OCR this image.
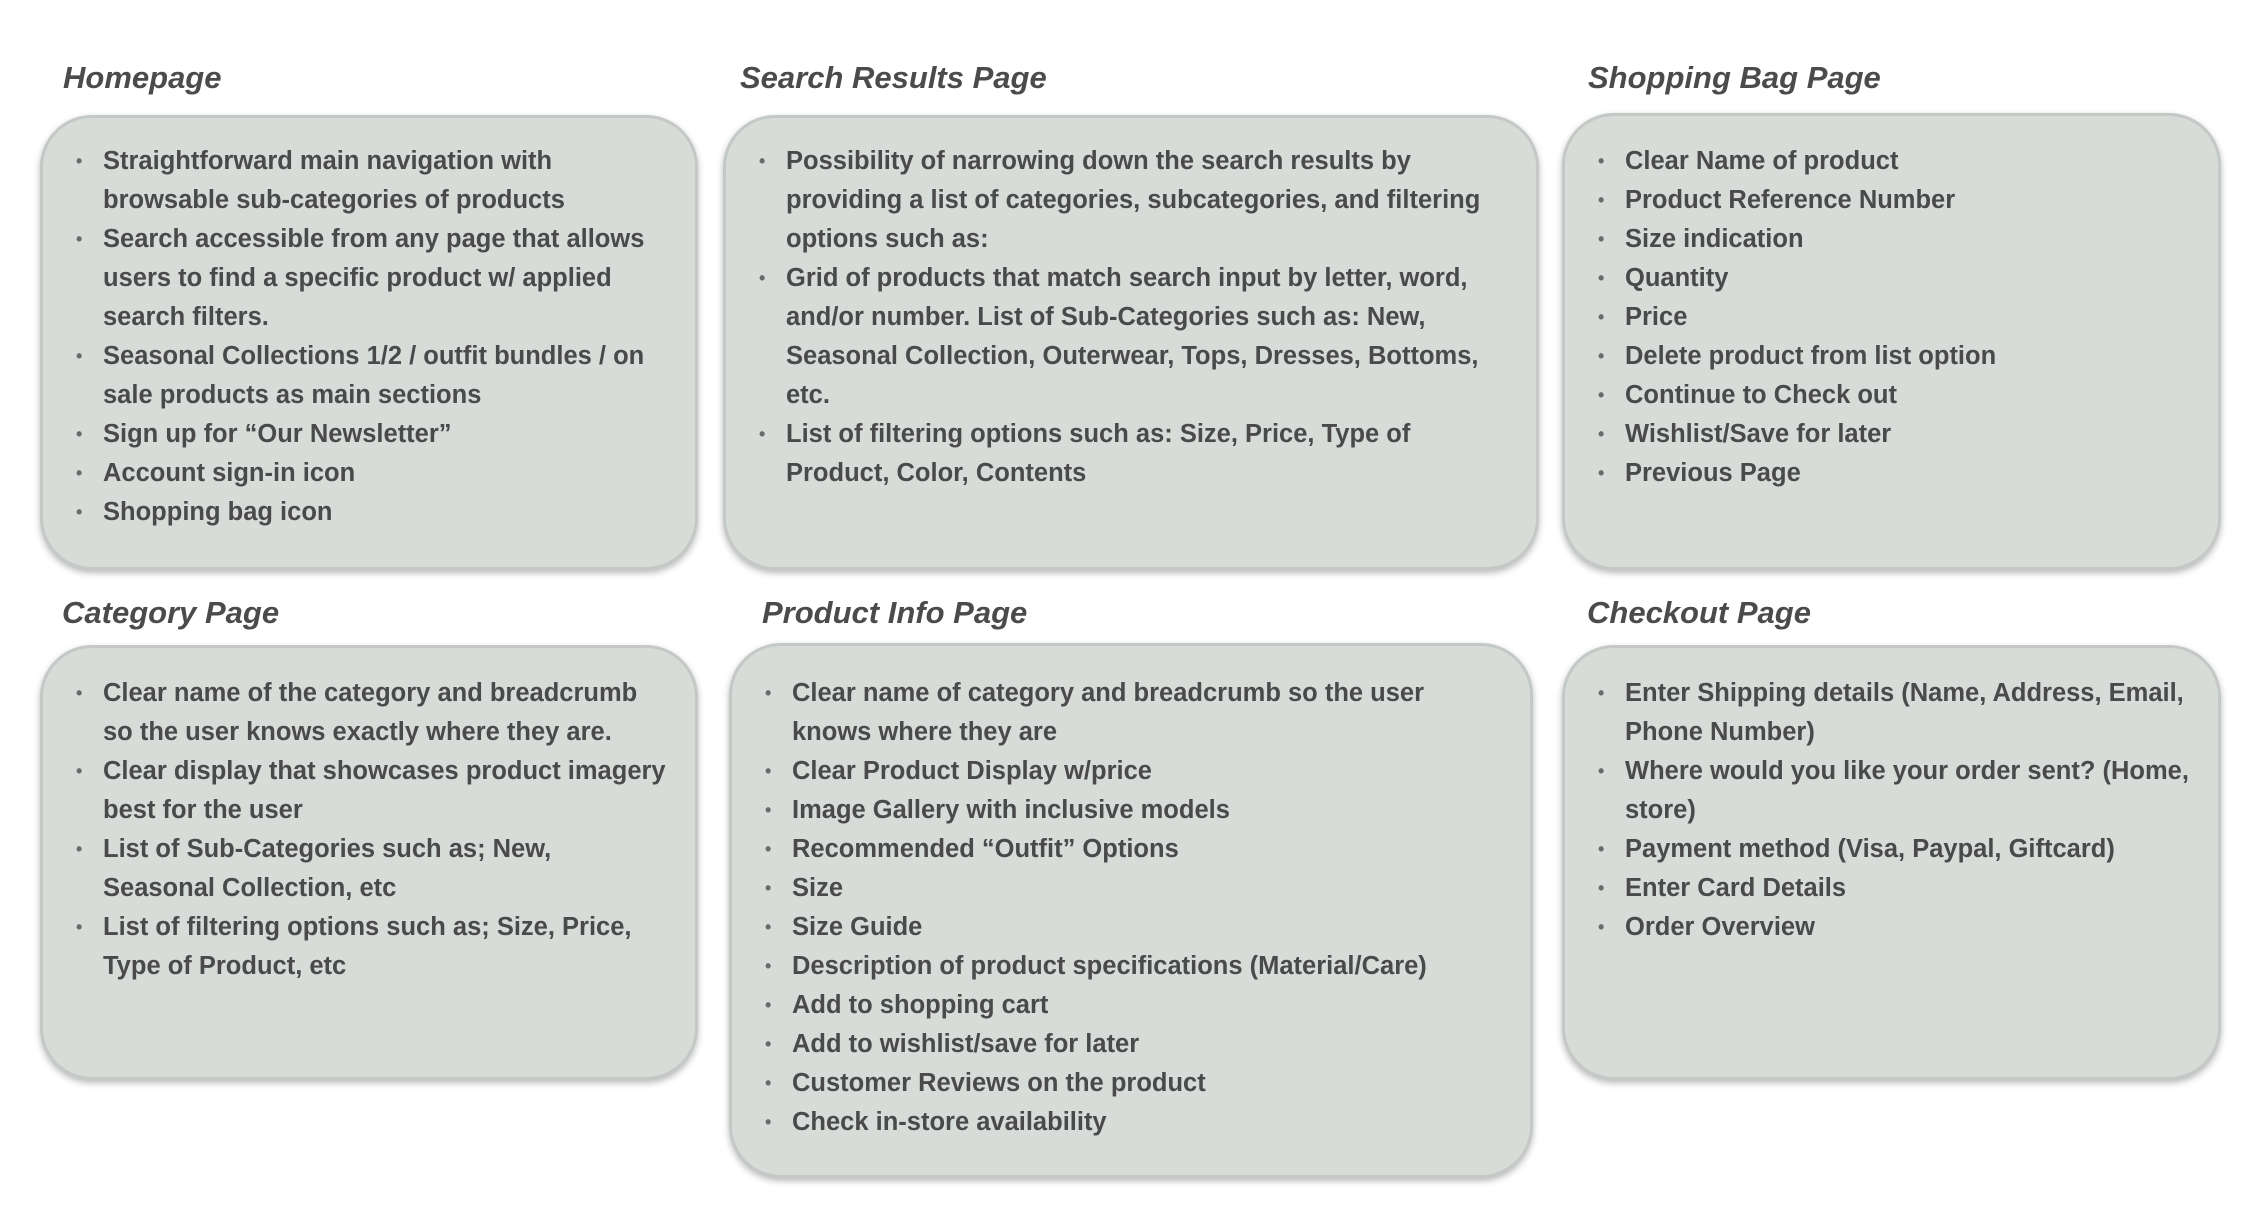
Homepage
• Straightforward main navigation with browsable sub-categories of products
• Search accessible from any page that allows users to find a specific product w/ applied search filters.
• Seasonal Collections 1/2 / outfit bundles / on sale products as main sections
• Sign up for “Our Newsletter”
• Account sign-in icon
• Shopping bag icon
Search Results Page
• Possibility of narrowing down the search results by providing a list of categories, subcategories, and filtering options such as:
• Grid of products that match search input by letter, word, and/or number. List of Sub-Categories such as: New, Seasonal Collection, Outerwear, Tops, Dresses, Bottoms, etc.
• List of filtering options such as: Size, Price, Type of Product, Color, Contents
Shopping Bag Page
• Clear Name of product
• Product Reference Number
• Size indication
• Quantity
• Price
• Delete product from list option
• Continue to Check out
• Wishlist/Save for later
• Previous Page
Category Page
• Clear name of the category and breadcrumb so the user knows exactly where they are.
• Clear display that showcases product imagery best for the user
• List of Sub-Categories such as; New, Seasonal Collection, etc
• List of filtering options such as; Size, Price, Type of Product, etc
Product Info Page
• Clear name of category and breadcrumb so the user knows where they are
• Clear Product Display w/price
• Image Gallery with inclusive models
• Recommended “Outfit” Options
• Size
• Size Guide
• Description of product specifications (Material/Care)
• Add to shopping cart
• Add to wishlist/save for later
• Customer Reviews on the product
• Check in-store availability
Checkout Page
• Enter Shipping details (Name, Address, Email, Phone Number)
• Where would you like your order sent? (Home, store)
• Payment method (Visa, Paypal, Giftcard)
• Enter Card Details
• Order Overview
